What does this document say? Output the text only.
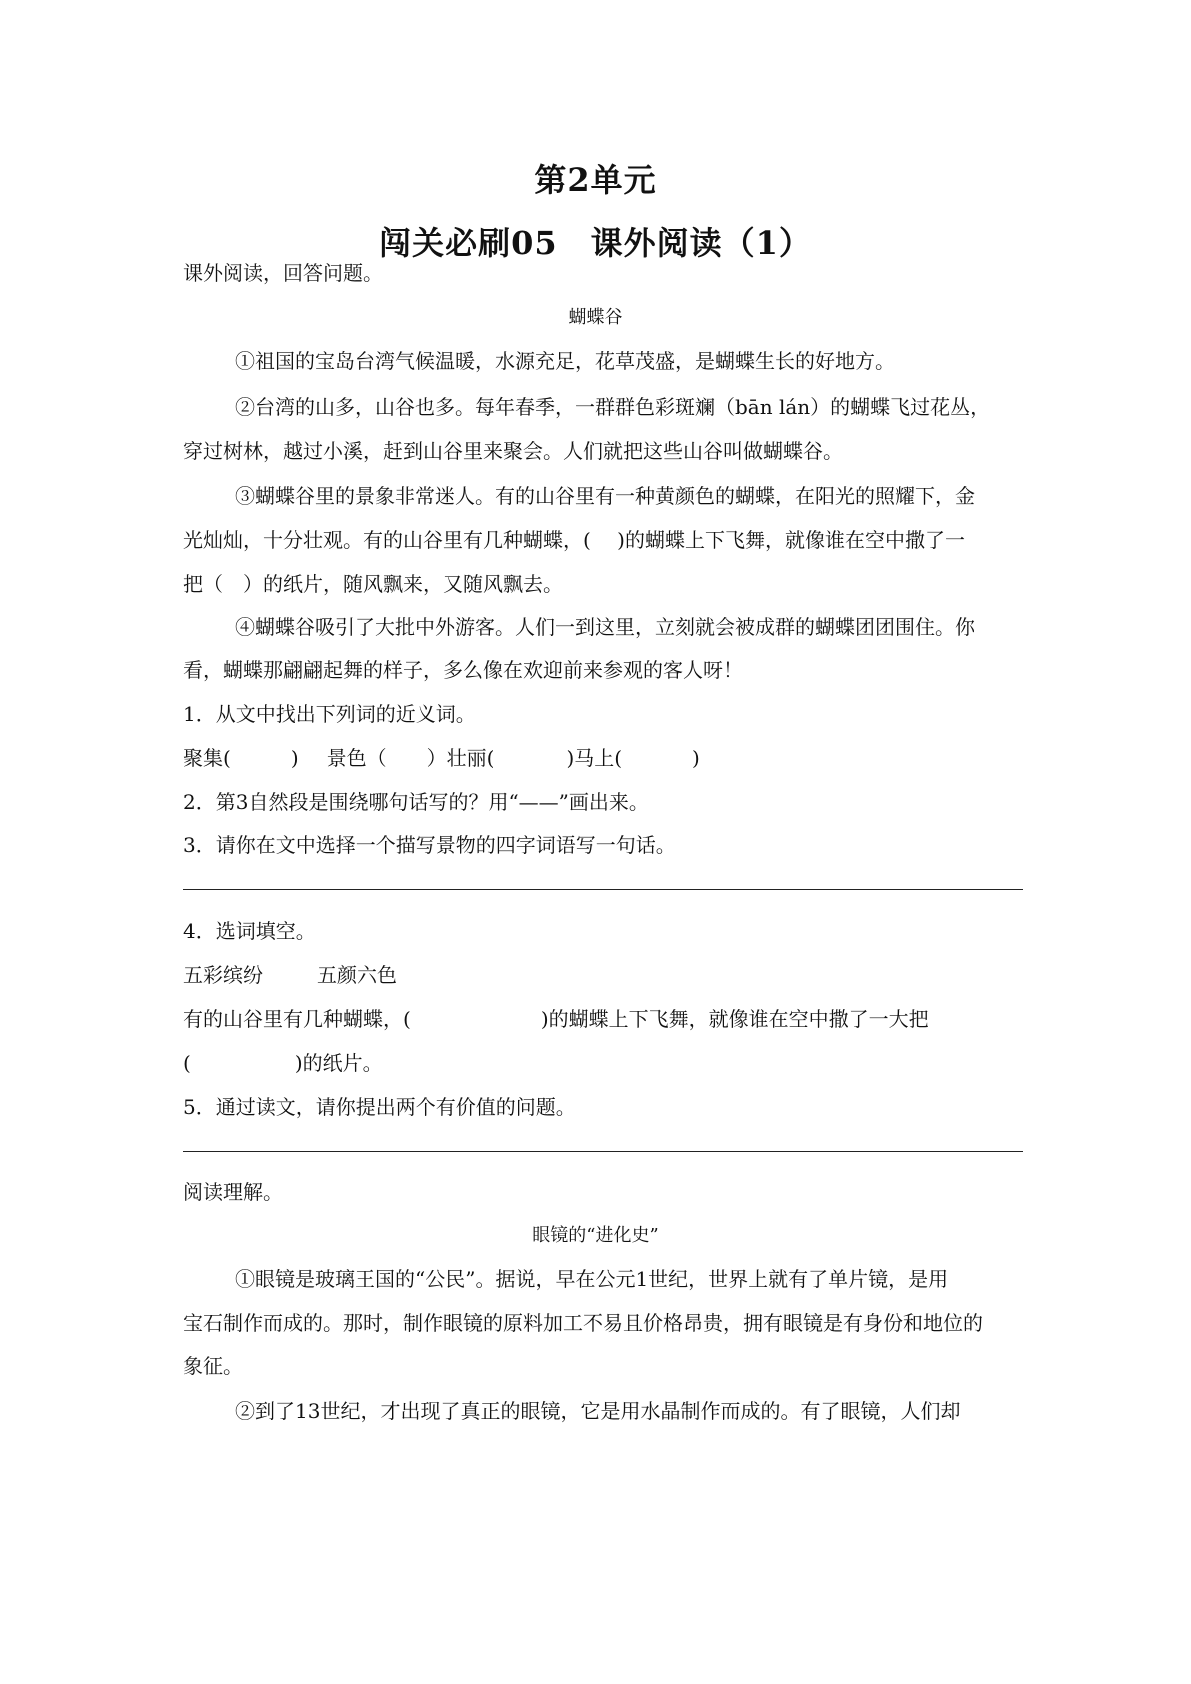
第2单元
闯关必刷05　课外阅读（1）
课外阅读，回答问题。
蝴蝶谷
①祖国的宝岛台湾气候温暖，水源充足，花草茂盛，是蝴蝶生长的好地方。
②台湾的山多，山谷也多。每年春季，一群群色彩斑斓（bān lán）的蝴蝶飞过花丛，
穿过树林，越过小溪，赶到山谷里来聚会。人们就把这些山谷叫做蝴蝶谷。
③蝴蝶谷里的景象非常迷人。有的山谷里有一种黄颜色的蝴蝶，在阳光的照耀下，金
光灿灿，十分壮观。有的山谷里有几种蝴蝶，(　 )的蝴蝶上下飞舞，就像谁在空中撒了一
把（　）的纸片，随风飘来，又随风飘去。
④蝴蝶谷吸引了大批中外游客。人们一到这里，立刻就会被成群的蝴蝶团团围住。你
看，蝴蝶那翩翩起舞的样子，多么像在欢迎前来参观的客人呀！
1．从文中找出下列词的近义词。
聚集(	) 景色（ ）壮丽(	)马上(	)
2．第3自然段是围绕哪句话写的？用“——”画出来。
3．请你在文中选择一个描写景物的四字词语写一句话。
4．选词填空。
五彩缤纷	五颜六色
有的山谷里有几种蝴蝶，(	)的蝴蝶上下飞舞，就像谁在空中撒了一大把
(	)的纸片。
5．通过读文，请你提出两个有价值的问题。
阅读理解。
眼镜的“进化史”
①眼镜是玻璃王国的“公民”。据说，早在公元1世纪，世界上就有了单片镜，是用
宝石制作而成的。那时，制作眼镜的原料加工不易且价格昂贵，拥有眼镜是有身份和地位的
象征。
②到了13世纪，才出现了真正的眼镜，它是用水晶制作而成的。有了眼镜，人们却
